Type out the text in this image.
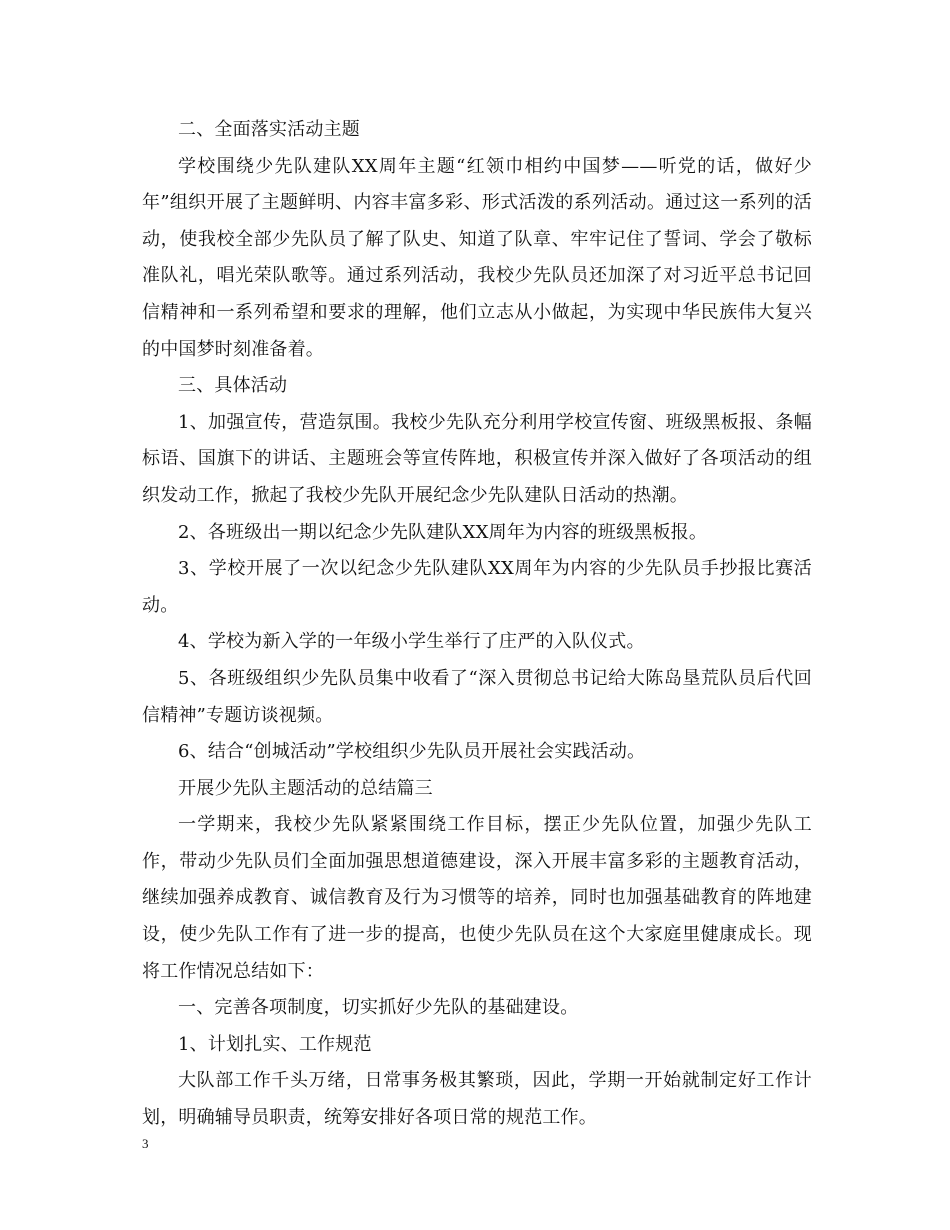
二、全面落实活动主题

学校围绕少先队建队XX周年主题“红领巾相约中国梦——听党的话，做好少年”组织开展了主题鲜明、内容丰富多彩、形式活泼的系列活动。通过这一系列的活动，使我校全部少先队员了解了队史、知道了队章、牢牢记住了誓词、学会了敬标准队礼，唱光荣队歌等。通过系列活动，我校少先队员还加深了对习近平总书记回信精神和一系列希望和要求的理解，他们立志从小做起，为实现中华民族伟大复兴的中国梦时刻准备着。

三、具体活动

1、加强宣传，营造氛围。我校少先队充分利用学校宣传窗、班级黑板报、条幅标语、国旗下的讲话、主题班会等宣传阵地，积极宣传并深入做好了各项活动的组织发动工作，掀起了我校少先队开展纪念少先队建队日活动的热潮。

2、各班级出一期以纪念少先队建队XX周年为内容的班级黑板报。

3、学校开展了一次以纪念少先队建队XX周年为内容的少先队员手抄报比赛活动。

4、学校为新入学的一年级小学生举行了庄严的入队仪式。

5、各班级组织少先队员集中收看了“深入贯彻总书记给大陈岛垦荒队员后代回信精神”专题访谈视频。

6、结合“创城活动”学校组织少先队员开展社会实践活动。

开展少先队主题活动的总结篇三

一学期来，我校少先队紧紧围绕工作目标，摆正少先队位置，加强少先队工作，带动少先队员们全面加强思想道德建设，深入开展丰富多彩的主题教育活动，继续加强养成教育、诚信教育及行为习惯等的培养，同时也加强基础教育的阵地建设，使少先队工作有了进一步的提高，也使少先队员在这个大家庭里健康成长。现将工作情况总结如下：

一、完善各项制度，切实抓好少先队的基础建设。

1、计划扎实、工作规范

大队部工作千头万绪，日常事务极其繁琐，因此，学期一开始就制定好工作计划，明确辅导员职责，统筹安排好各项日常的规范工作。

3
